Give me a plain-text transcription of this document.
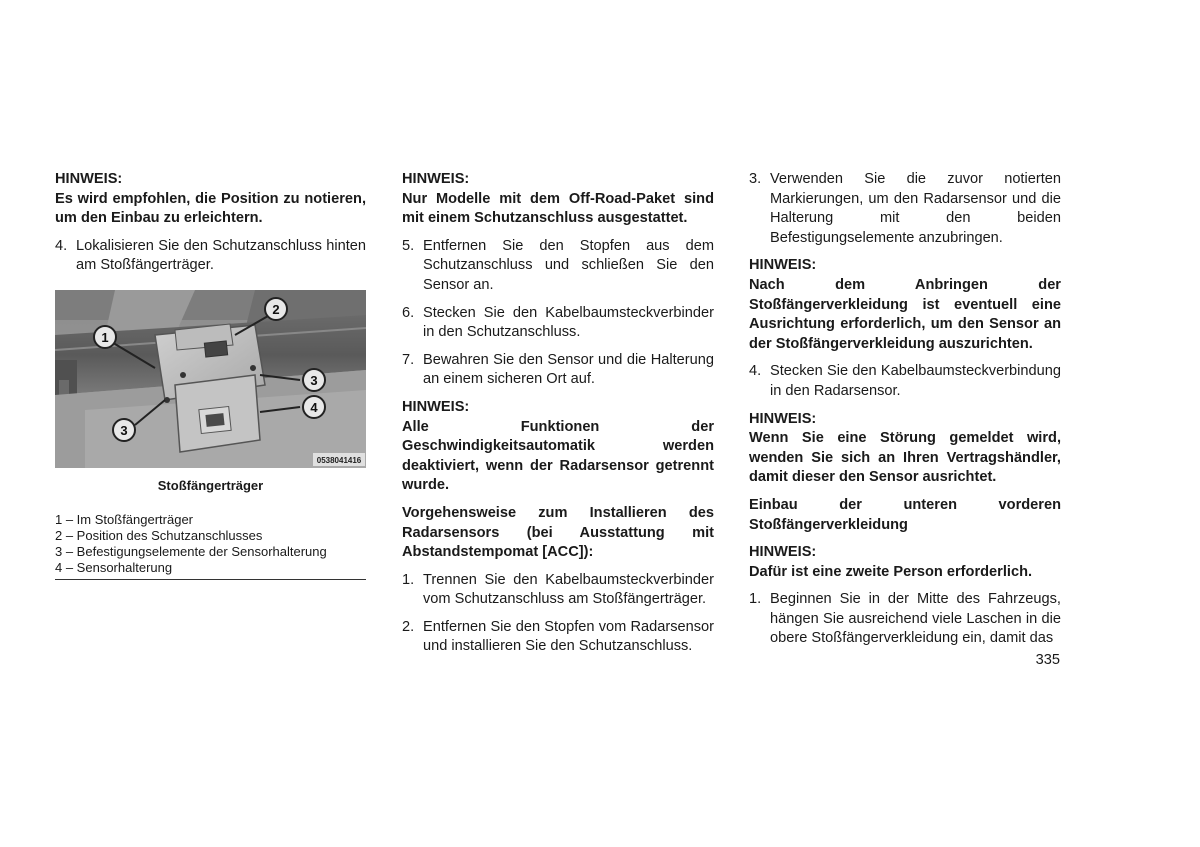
HINWEIS:
Es wird empfohlen, die Position zu notieren, um den Einbau zu erleichtern.
4. Lokalisieren Sie den Schutzanschluss hinten am Stoßfängerträger.
1
2
3
4
3
0538041416
Stoßfängerträger
1 – Im Stoßfängerträger
2 – Position des Schutzanschlusses
3 – Befestigungselemente der Sensorhalterung
4 – Sensorhalterung
HINWEIS:
Nur Modelle mit dem Off-Road-Paket sind mit einem Schutzanschluss ausgestattet.
5. Entfernen Sie den Stopfen aus dem Schutzanschluss und schließen Sie den Sensor an.
6. Stecken Sie den Kabelbaumsteckverbinder in den Schutzanschluss.
7. Bewahren Sie den Sensor und die Halterung an einem sicheren Ort auf.
HINWEIS:
Alle Funktionen der Geschwindigkeitsautomatik werden deaktiviert, wenn der Radarsensor getrennt wurde.
Vorgehensweise zum Installieren des Radarsensors (bei Ausstattung mit Abstandstempomat [ACC]):
1. Trennen Sie den Kabelbaumsteckverbinder vom Schutzanschluss am Stoßfängerträger.
2. Entfernen Sie den Stopfen vom Radarsensor und installieren Sie den Schutzanschluss.
3. Verwenden Sie die zuvor notierten Markierungen, um den Radarsensor und die Halterung mit den beiden Befestigungselemente anzubringen.
HINWEIS:
Nach dem Anbringen der Stoßfängerverkleidung ist eventuell eine Ausrichtung erforderlich, um den Sensor an der Stoßfängerverkleidung auszurichten.
4. Stecken Sie den Kabelbaumsteckverbindung in den Radarsensor.
HINWEIS:
Wenn Sie eine Störung gemeldet wird, wenden Sie sich an Ihren Vertragshändler, damit dieser den Sensor ausrichtet.
Einbau der unteren vorderen Stoßfängerverkleidung
HINWEIS:
Dafür ist eine zweite Person erforderlich.
1. Beginnen Sie in der Mitte des Fahrzeugs, hängen Sie ausreichend viele Laschen in die obere Stoßfängerverkleidung ein, damit das
335
